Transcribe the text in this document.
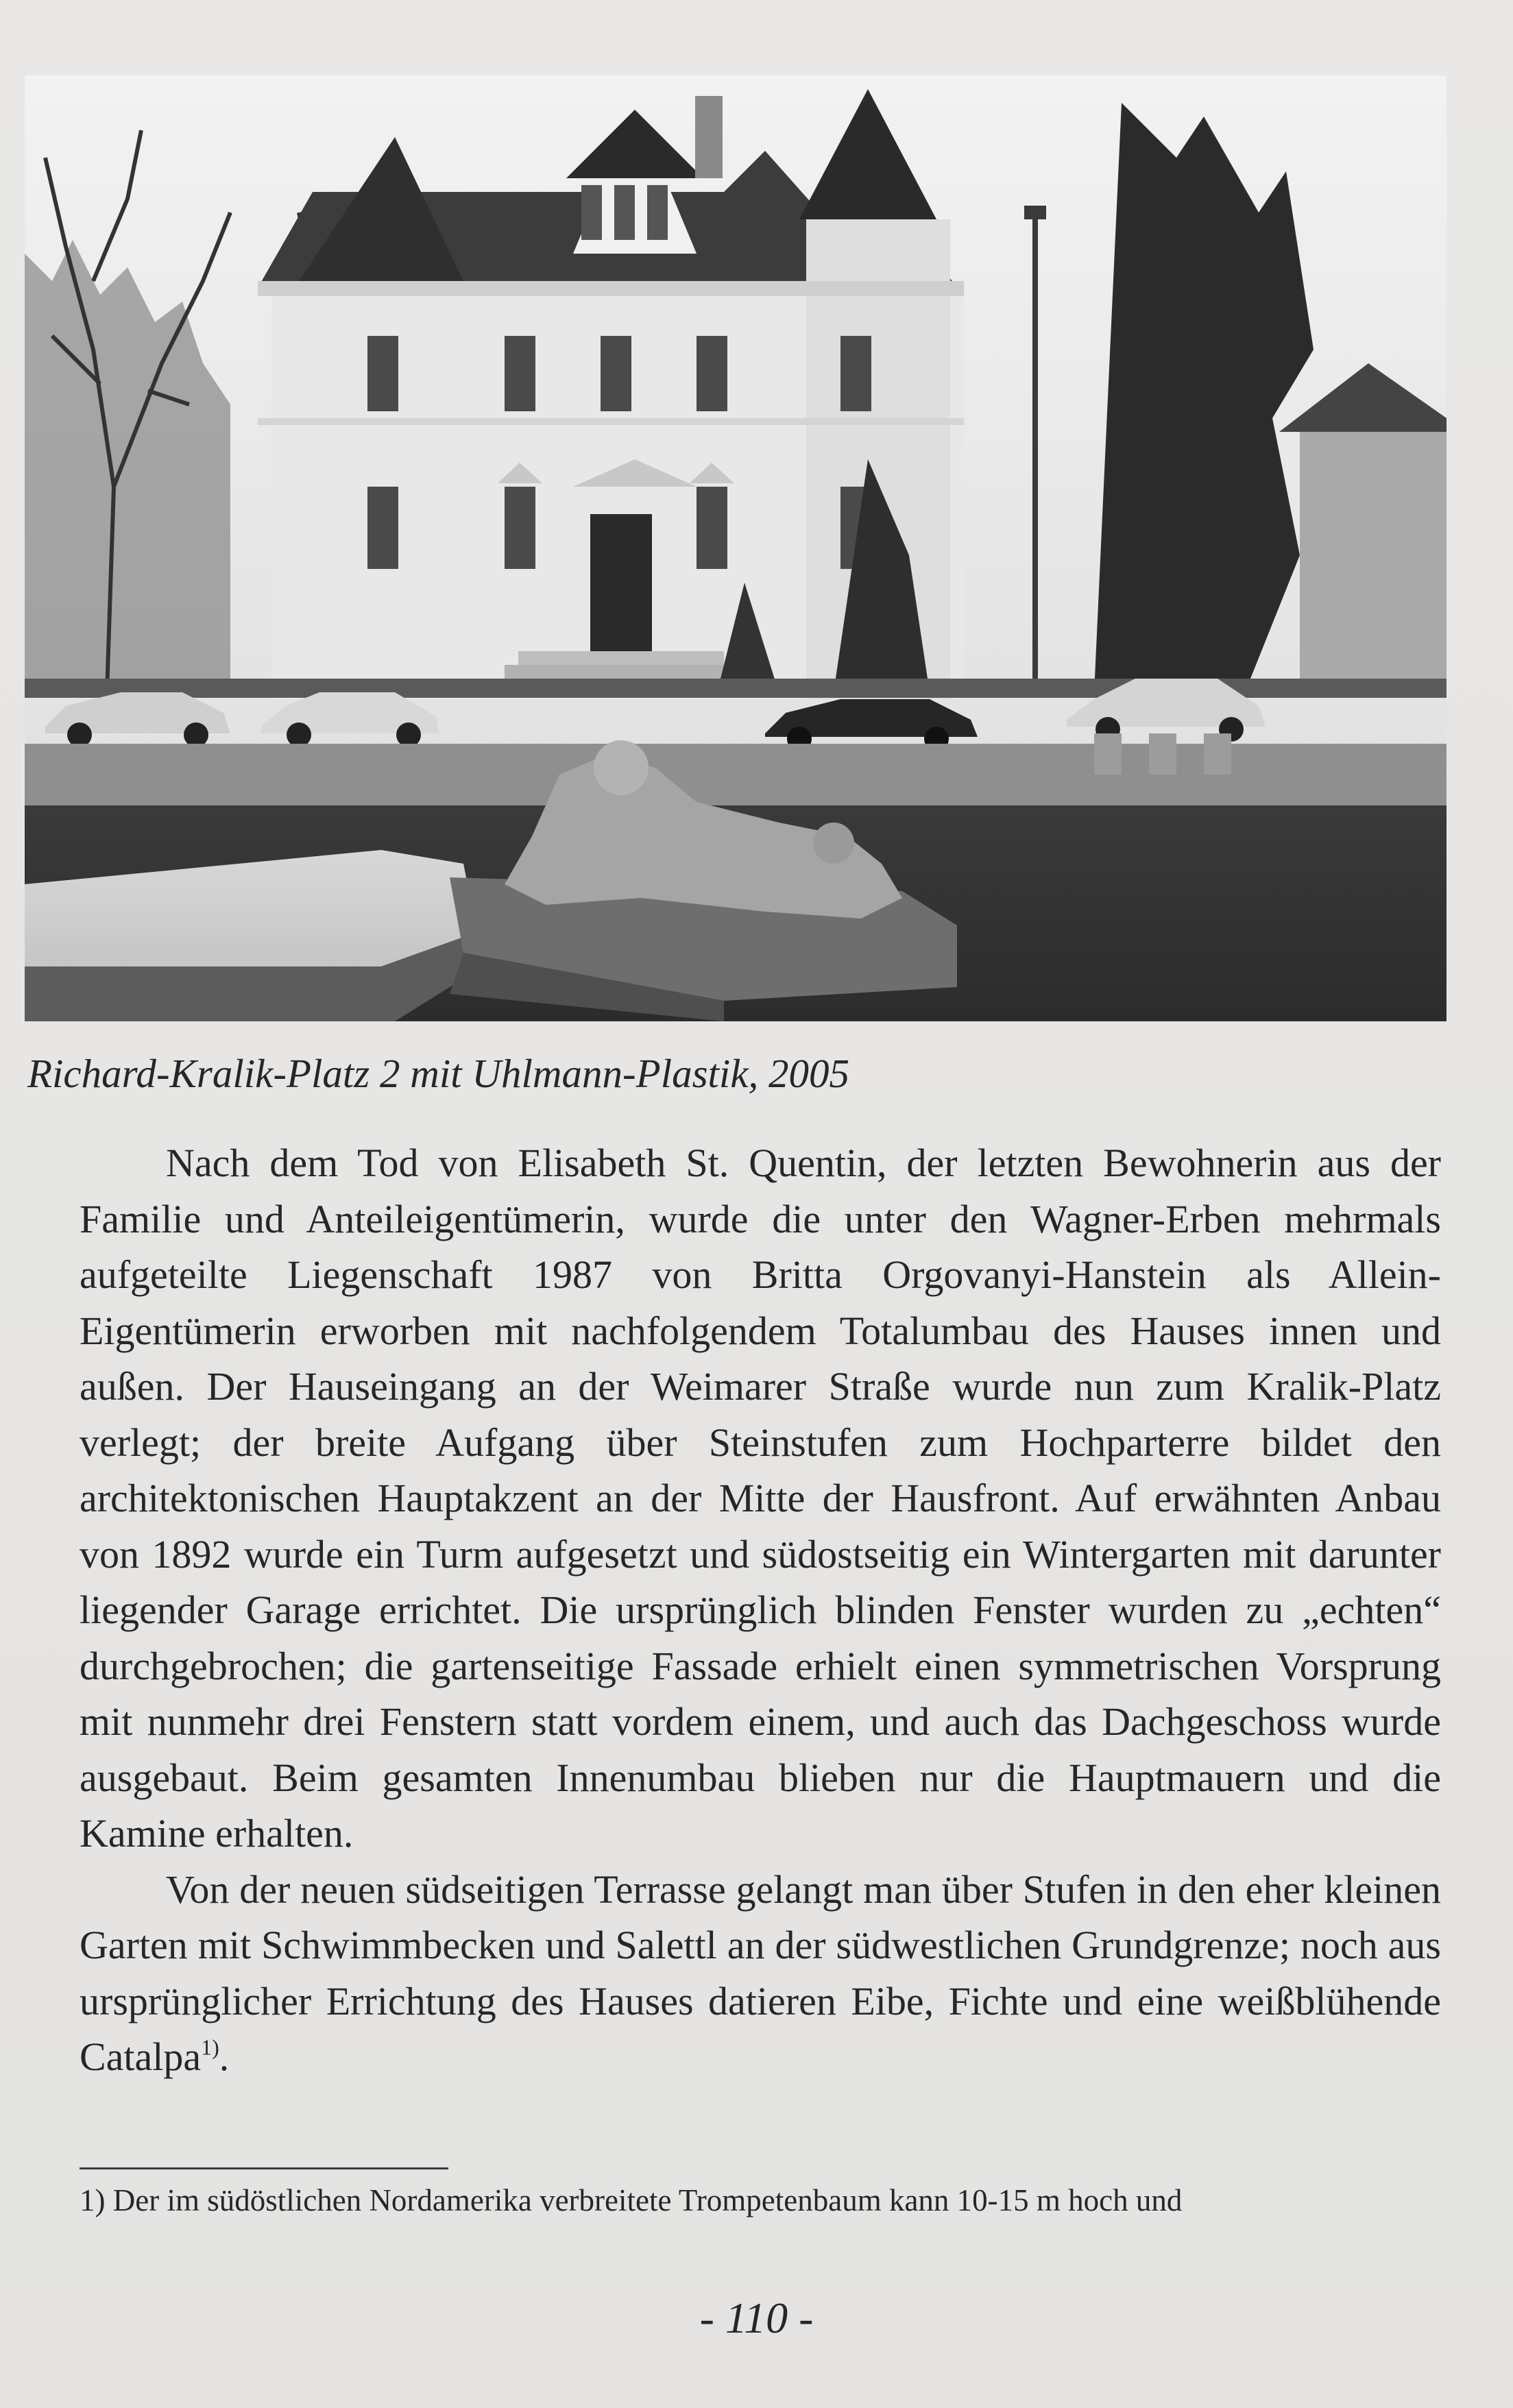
Richard-Kralik-Platz 2 mit Uhlmann-Plastik, 2005

Nach dem Tod von Elisabeth St. Quentin, der letzten Bewohnerin aus der Familie und Anteileigentümerin, wurde die unter den Wagner-Erben mehrmals aufgeteilte Liegenschaft 1987 von Britta Orgovanyi-Hanstein als Allein-Eigentümerin erworben mit nachfolgendem Totalumbau des Hauses innen und außen. Der Hauseingang an der Weimarer Straße wurde nun zum Kralik-Platz verlegt; der breite Aufgang über Steinstufen zum Hochparterre bildet den architektonischen Hauptakzent an der Mitte der Hausfront. Auf erwähnten Anbau von 1892 wurde ein Turm aufgesetzt und südostseitig ein Wintergarten mit darunter liegender Garage errichtet. Die ursprünglich blinden Fenster wurden zu „echten“ durchgebrochen; die gartenseitige Fassade erhielt einen symmetrischen Vorsprung mit nunmehr drei Fenstern statt vordem einem, und auch das Dachgeschoss wurde ausgebaut. Beim gesamten Innenumbau blieben nur die Hauptmauern und die Kamine erhalten.

Von der neuen südseitigen Terrasse gelangt man über Stufen in den eher kleinen Garten mit Schwimmbecken und Salettl an der südwestlichen Grundgrenze; noch aus ursprünglicher Errichtung des Hauses datieren Eibe, Fichte und eine weißblühende Catalpa$^{1)}$.

1) Der im südöstlichen Nordamerika verbreitete Trompetenbaum kann 10-15 m hoch und
- 110 -
